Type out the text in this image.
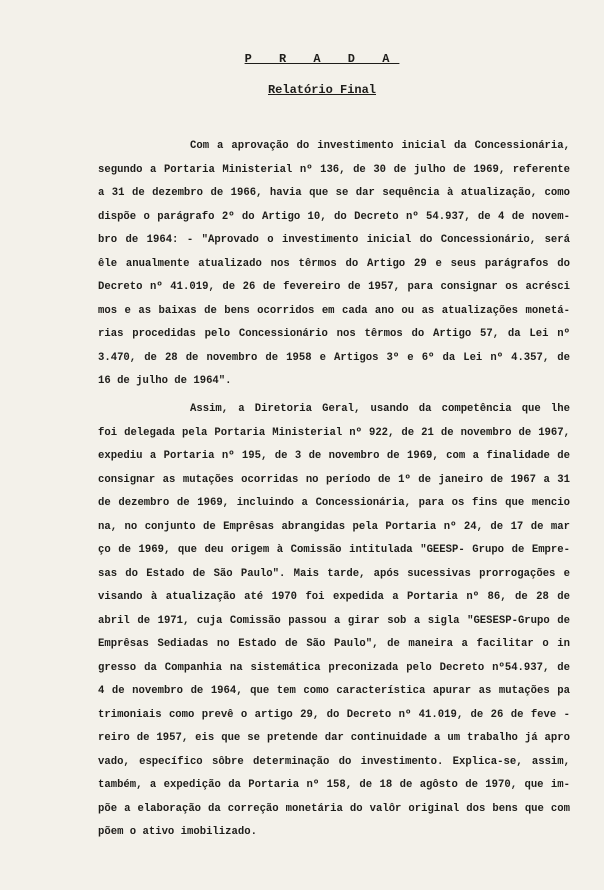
P R A D A
Relatório Final
Com a aprovação do investimento inicial da Concessionária,
segundo a Portaria Ministerial nº 136, de 30 de julho de 1969, referente
a 31 de dezembro de 1966, havia que se dar sequência à atualização, como
dispõe o parágrafo 2º do Artigo 10, do Decreto nº 54.937, de 4 de novem-
bro de 1964: - "Aprovado o investimento inicial do Concessionário, será
êle anualmente atualizado nos têrmos do Artigo 29 e seus parágrafos do
Decreto nº 41.019, de 26 de fevereiro de 1957, para consignar os acrésci
mos e as baixas de bens ocorridos em cada ano ou as atualizações monetá-
rias procedidas pelo Concessionário nos têrmos do Artigo 57, da Lei nº
3.470, de 28 de novembro de 1958 e Artigos 3º e 6º da Lei nº 4.357, de
16 de julho de 1964".
Assim, a Diretoria Geral, usando da competência que lhe
foi delegada pela Portaria Ministerial nº 922, de 21 de novembro de 1967,
expediu a Portaria nº 195, de 3 de novembro de 1969, com a finalidade de
consignar as mutações ocorridas no período de 1º de janeiro de 1967 a 31
de dezembro de 1969, incluindo a Concessionária, para os fins que mencio
na, no conjunto de Emprêsas abrangidas pela Portaria nº 24, de 17 de mar
ço de 1969, que deu origem à Comissão intitulada "GEESP- Grupo de Empre-
sas do Estado de São Paulo". Mais tarde, após sucessivas prorrogações e
visando à atualização até 1970 foi expedida a Portaria nº 86, de 28 de
abril de 1971, cuja Comissão passou a girar sob a sigla "GESESP-Grupo de
Emprêsas Sediadas no Estado de São Paulo", de maneira a facilitar o in
gresso da Companhia na sistemática preconizada pelo Decreto nº54.937, de
4 de novembro de 1964, que tem como característica apurar as mutações pa
trimoniais como prevê o artigo 29, do Decreto nº 41.019, de 26 de feve -
reiro de 1957, eis que se pretende dar continuidade a um trabalho já apro
vado, específico sôbre determinação do investimento. Explica-se, assim,
também, a expedição da Portaria nº 158, de 18 de agôsto de 1970, que im-
põe a elaboração da correção monetária do valôr original dos bens que com
põem o ativo imobilizado.
